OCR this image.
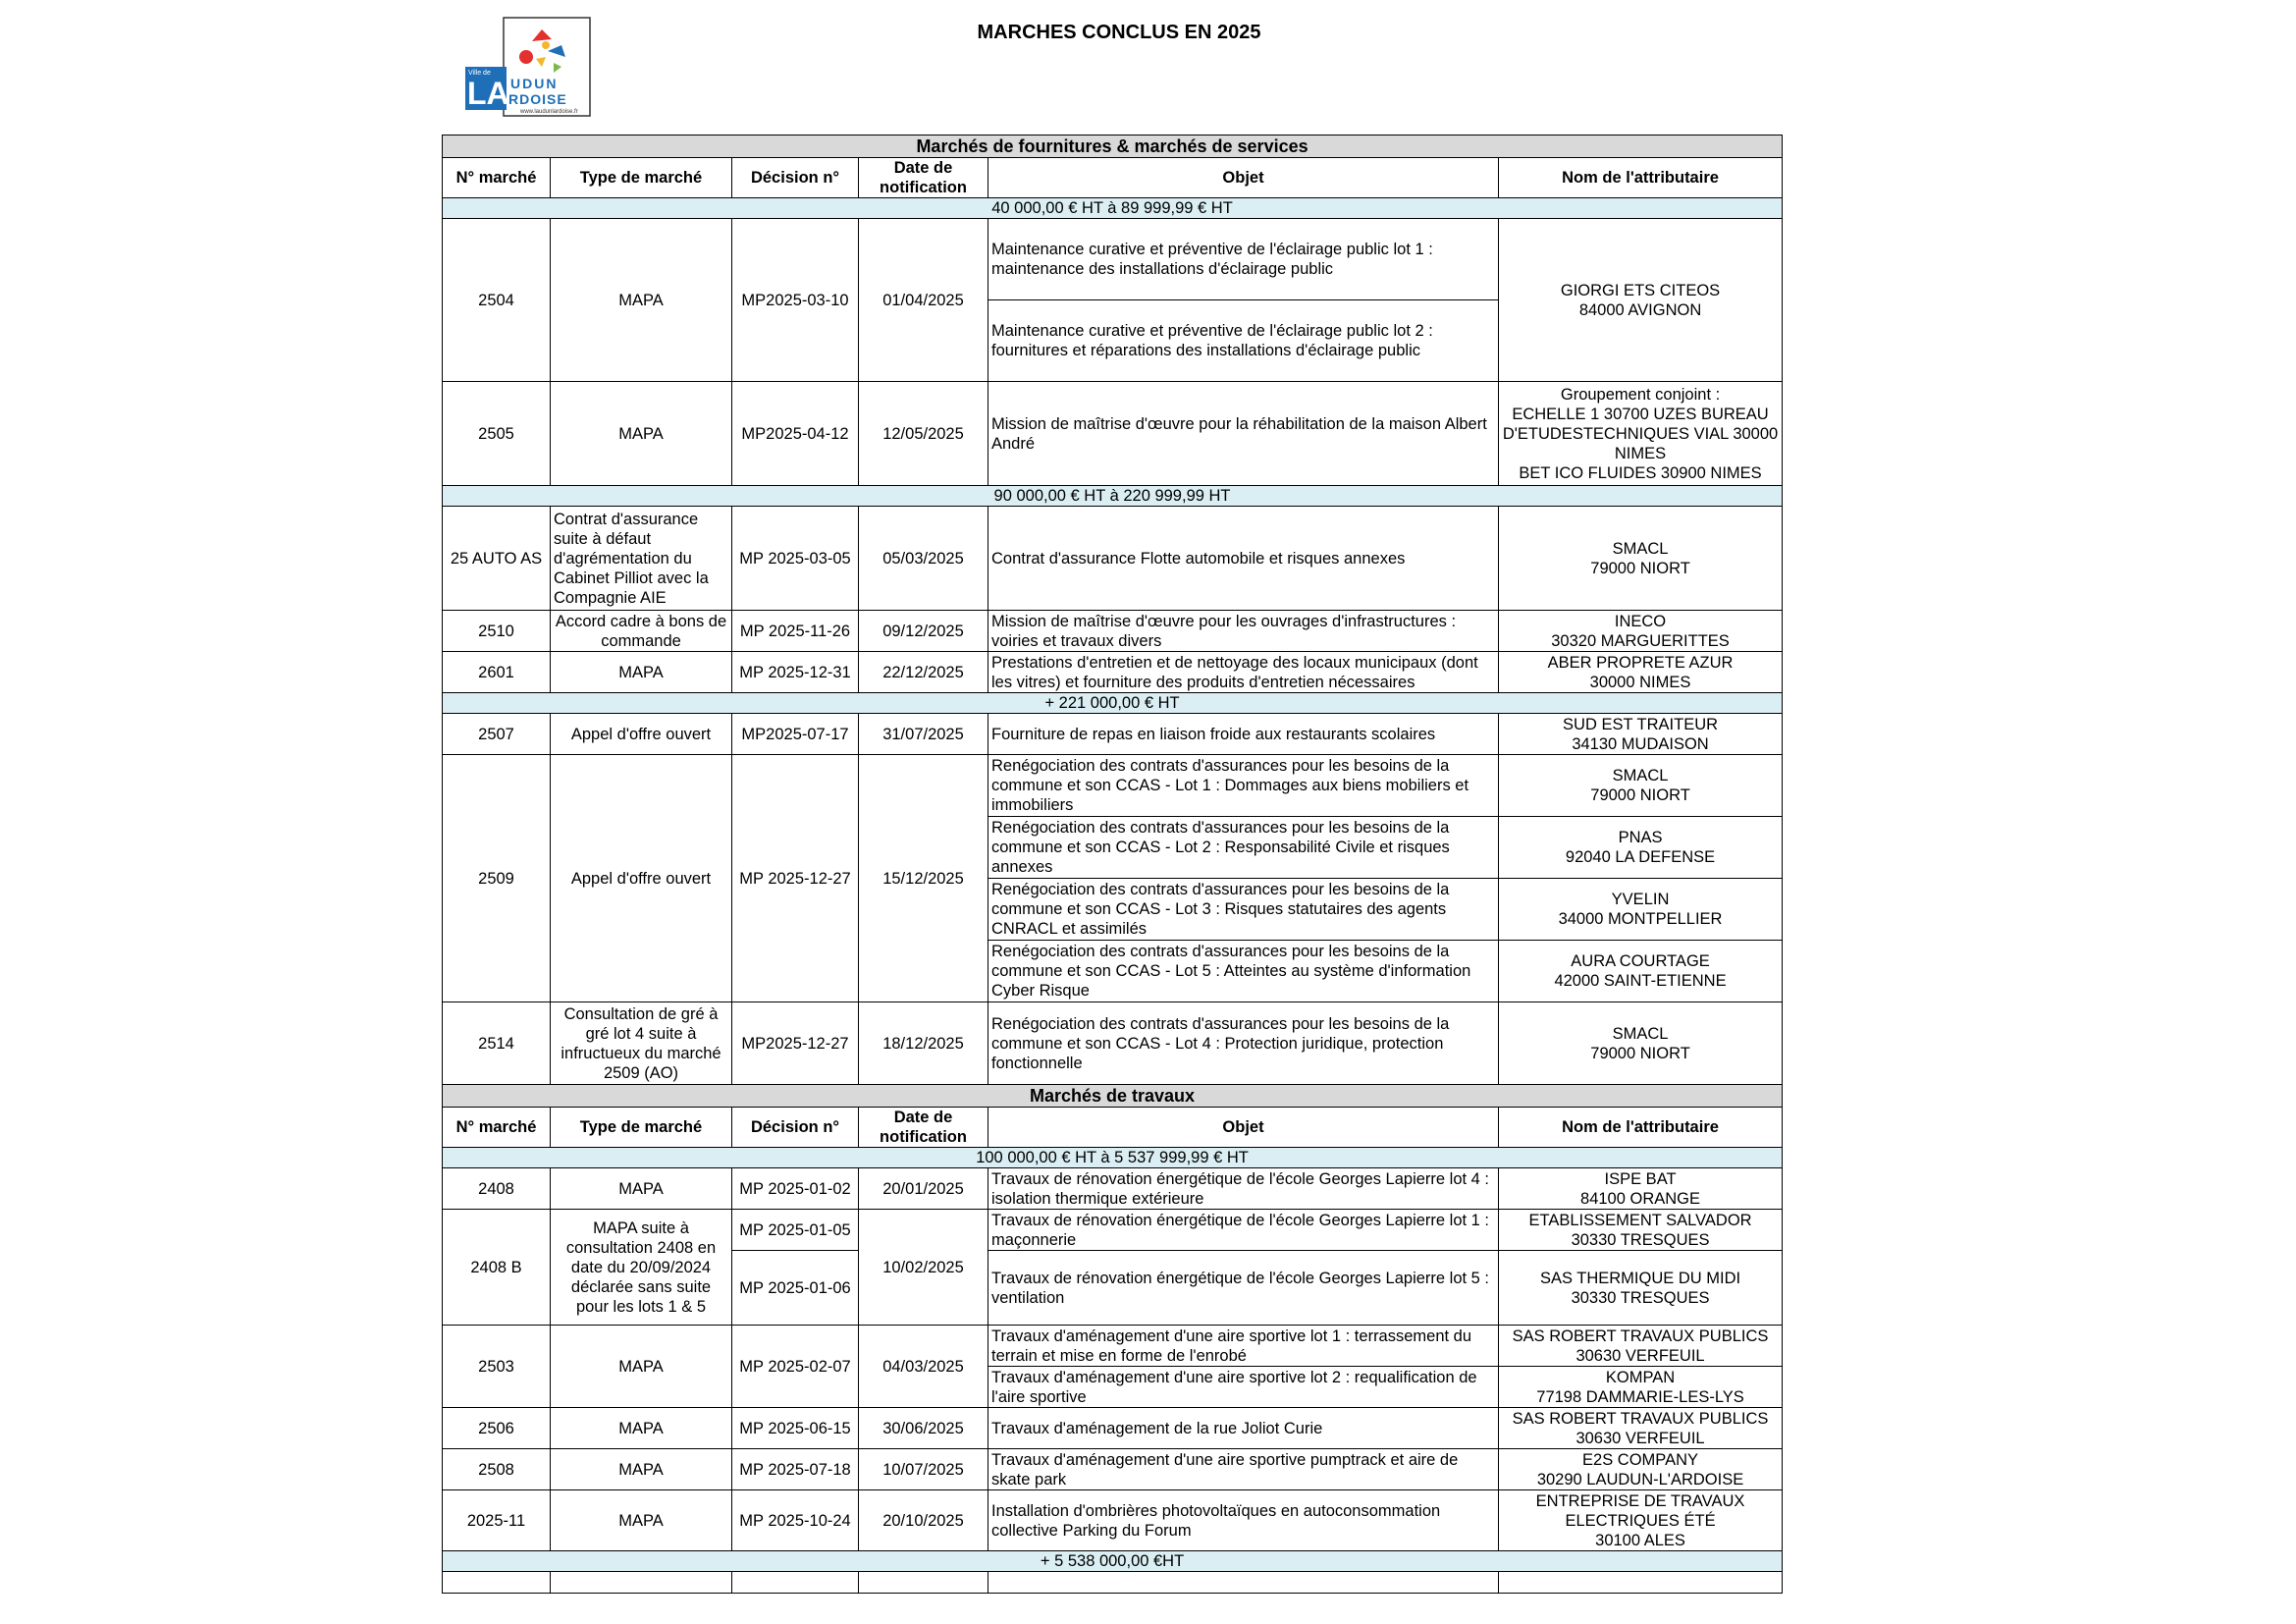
Ville de
LA UDUN
RDOISE
www.laudunlardoise.fr
MARCHES CONCLUS EN 2025
Marchés de fournitures & marchés de services					
N° marché	Type de marché	Décision n°	Date de notification	Objet	Nom de l'attributaire
40 000,00 € HT à 89 999,99 € HT					
2504	MAPA	MP2025-03-10	01/04/2025	Maintenance curative et préventive de l'éclairage public lot 1 : maintenance des installations d'éclairage public	GIORGI ETS CITEOS
84000 AVIGNON

				Maintenance curative et préventive de l'éclairage public lot 2 : fournitures et réparations des installations d'éclairage public	
2505	MAPA	MP2025-04-12	12/05/2025	Mission de maîtrise d'œuvre pour la réhabilitation de la maison Albert André	Groupement conjoint :
ECHELLE 1 30700 UZES BUREAU D'ETUDESTECHNIQUES VIAL 30000 NIMES
BET ICO FLUIDES 30900 NIMES

90 000,00 € HT à 220 999,99 HT					
25 AUTO AS	Contrat d'assurance suite à défaut d'agrémentation du Cabinet Pilliot avec la Compagnie AIE	MP 2025-03-05	05/03/2025	Contrat d'assurance Flotte automobile et risques annexes	SMACL
79000 NIORT

2510	Accord cadre à bons de commande	MP 2025-11-26	09/12/2025	Mission de maîtrise d'œuvre pour les ouvrages d'infrastructures : voiries et travaux divers	INECO
30320 MARGUERITTES

2601	MAPA	MP 2025-12-31	22/12/2025	Prestations d'entretien et de nettoyage des locaux municipaux (dont les vitres) et fourniture des produits d'entretien nécessaires	ABER PROPRETE AZUR
30000 NIMES

+ 221 000,00 € HT					
2507	Appel d'offre ouvert	MP2025-07-17	31/07/2025	Fourniture de repas en liaison froide aux restaurants scolaires	SUD EST TRAITEUR
34130 MUDAISON

2509	Appel d'offre ouvert	MP 2025-12-27	15/12/2025	Renégociation des contrats d'assurances pour les besoins de la commune et son CCAS - Lot 1 : Dommages aux biens mobiliers et immobiliers	SMACL
79000 NIORT

				Renégociation des contrats d'assurances pour les besoins de la commune et son CCAS - Lot 2 : Responsabilité Civile et risques annexes	PNAS
92040 LA DEFENSE

				Renégociation des contrats d'assurances pour les besoins de la commune et son CCAS - Lot 3 : Risques statutaires des agents CNRACL et assimilés	YVELIN
34000 MONTPELLIER

				Renégociation des contrats d'assurances pour les besoins de la commune et son CCAS - Lot 5 : Atteintes au système d'information Cyber Risque	AURA COURTAGE
42000 SAINT-ETIENNE

2514	Consultation de gré à gré lot 4 suite à infructueux du marché 2509 (AO)	MP2025-12-27	18/12/2025	Renégociation des contrats d'assurances pour les besoins de la commune et son CCAS - Lot 4 : Protection juridique, protection fonctionnelle	SMACL
79000 NIORT

Marchés de travaux					
N° marché	Type de marché	Décision n°	Date de notification	Objet	Nom de l'attributaire
100 000,00 € HT à 5 537 999,99 € HT					
2408	MAPA	MP 2025-01-02	20/01/2025	Travaux de rénovation énergétique de l'école Georges Lapierre lot 4 : isolation thermique extérieure	ISPE BAT
84100 ORANGE

2408 B	MAPA suite à consultation 2408 en date du 20/09/2024 déclarée sans suite pour les lots 1 & 5	MP 2025-01-05	10/02/2025	Travaux de rénovation énergétique de l'école Georges Lapierre lot 1 : maçonnerie	ETABLISSEMENT SALVADOR
30330 TRESQUES

		MP 2025-01-06		Travaux de rénovation énergétique de l'école Georges Lapierre lot 5 : ventilation	SAS THERMIQUE DU MIDI
30330 TRESQUES

2503	MAPA	MP 2025-02-07	04/03/2025	Travaux d'aménagement d'une aire sportive lot 1 : terrassement du terrain et mise en forme de l'enrobé	SAS ROBERT TRAVAUX PUBLICS
30630 VERFEUIL

				Travaux d'aménagement d'une aire sportive lot 2 : requalification de l'aire sportive	KOMPAN
77198 DAMMARIE-LES-LYS

2506	MAPA	MP 2025-06-15	30/06/2025	Travaux d'aménagement de la rue Joliot Curie	SAS ROBERT TRAVAUX PUBLICS
30630 VERFEUIL

2508	MAPA	MP 2025-07-18	10/07/2025	Travaux d'aménagement d'une aire sportive pumptrack et aire de skate park	E2S COMPANY
30290 LAUDUN-L'ARDOISE

2025-11	MAPA	MP 2025-10-24	20/10/2025	Installation d'ombrières photovoltaïques en autoconsommation collective Parking du Forum	ENTREPRISE DE TRAVAUX ELECTRIQUES ÉTÉ
30100 ALES

+ 5 538 000,00 €HT					
